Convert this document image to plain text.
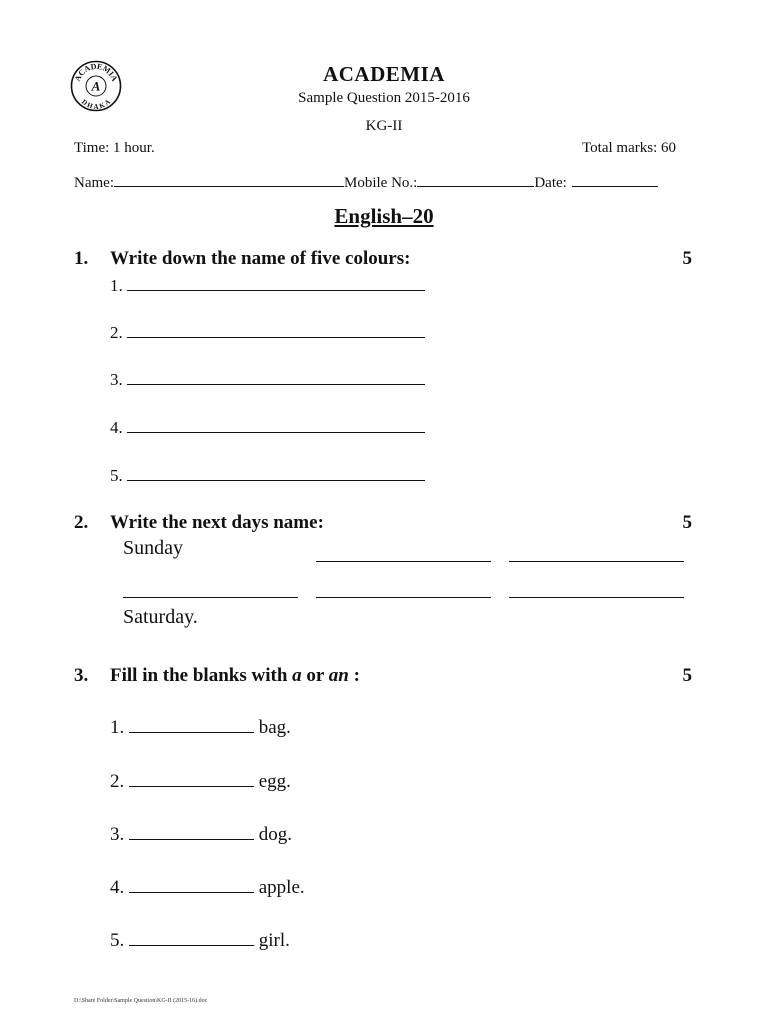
ACADEMIA
DHAKA
A	ACADEMIA
Sample Question 2015-2016
KG-II
Time: 1 hour.	Total marks: 60
Name:	Mobile No.:	Date:
English–20
1. Write down the name of five colours:	5
1.
2.
3.
4.
5.
2. Write the next days name:	5
Sunday
Saturday.
3. Fill in the blanks with a or an :	5
1.	bag.
2.	egg.
3.	dog.
4.	apple.
5.	girl.
D:\Share Folder\Sample Question\KG-II (2015-16).doc
